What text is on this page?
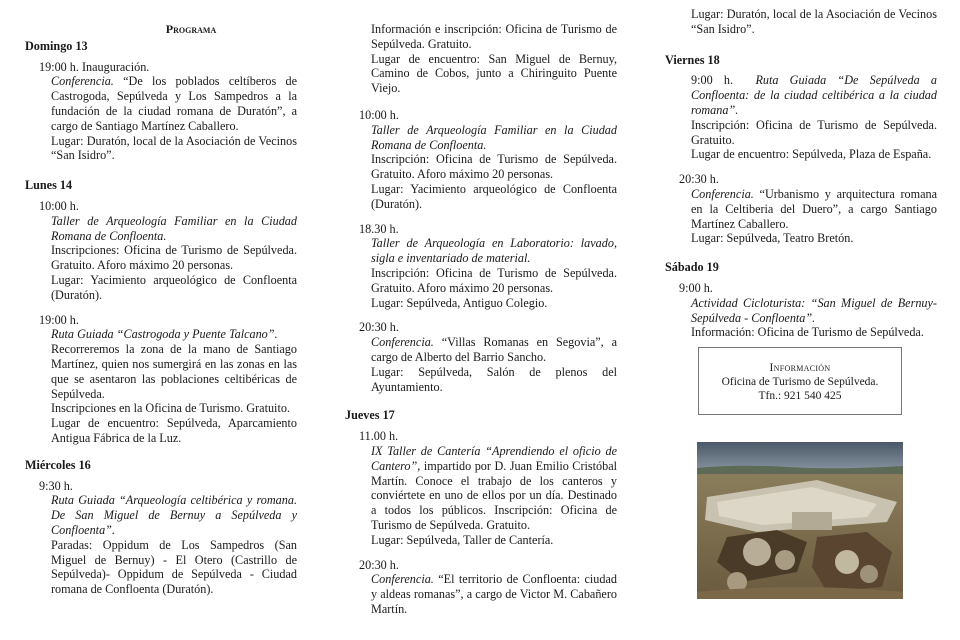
Programa
Domingo 13
19:00 h. Inauguración.
Conferencia. “De los poblados celtíberos de Castrogoda, Sepúlveda y Los Sampedros a la fundación de la ciudad romana de Duratón”, a cargo de Santiago Martínez Caballero.
Lugar: Duratón, local de la Asociación de Vecinos “San Isidro”.
Lunes 14
10:00 h.
Taller de Arqueología Familiar en la Ciudad Romana de Confloenta.
Inscripciones: Oficina de Turismo de Sepúlveda. Gratuito. Aforo máximo 20 personas.
Lugar: Yacimiento arqueológico de Confloenta (Duratón).
19:00 h.
Ruta Guiada “Castrogoda y Puente Talcano”.
Recorreremos la zona de la mano de Santiago Martínez, quien nos sumergirá en las zonas en las que se asentaron las poblaciones celtibéricas de Sepúlveda.
Inscripciones en la Oficina de Turismo. Gratuito.
Lugar de encuentro: Sepúlveda, Aparcamiento Antigua Fábrica de la Luz.
Miércoles 16
9:30 h.
Ruta Guiada “Arqueología celtibérica y romana. De San Miguel de Bernuy a Sepúlveda y Confloenta”.
Paradas: Oppidum de Los Sampedros (San Miguel de Bernuy) - El Otero (Castrillo de Sepúlveda)- Oppidum de Sepúlveda - Ciudad romana de Confloenta (Duratón).
Información e inscripción: Oficina de Turismo de Sepúlveda. Gratuito.
Lugar de encuentro: San Miguel de Bernuy, Camino de Cobos, junto a Chiringuito Puente Viejo.
10:00 h.
Taller de Arqueología Familiar en la Ciudad Romana de Confloenta.
Inscripción: Oficina de Turismo de Sepúlveda. Gratuito. Aforo máximo 20 personas.
Lugar: Yacimiento arqueológico de Confloenta (Duratón).
18.30 h.
Taller de Arqueología en Laboratorio: lavado, sigla e inventariado de material.
Inscripción: Oficina de Turismo de Sepúlveda. Gratuito. Aforo máximo 20 personas.
Lugar: Sepúlveda, Antiguo Colegio.
20:30 h.
Conferencia. “Villas Romanas en Segovia”, a cargo de Alberto del Barrio Sancho.
Lugar: Sepúlveda, Salón de plenos del Ayuntamiento.
Jueves 17
11.00 h.
IX Taller de Cantería “Aprendiendo el oficio de Cantero”, impartido por D. Juan Emilio Cristóbal Martín. Conoce el trabajo de los canteros y conviértete en uno de ellos por un día. Destinado a todos los públicos. Inscripción: Oficina de Turismo de Sepúlveda. Gratuito.
Lugar: Sepúlveda, Taller de Cantería.
20:30 h.
Conferencia. “El territorio de Confloenta: ciudad y aldeas romanas”, a cargo de Victor M. Cabañero Martín.
Lugar: Duratón, local de la Asociación de Vecinos “San Isidro”.
Viernes 18
9:00 h. Ruta Guiada “De Sepúlveda a Confloenta: de la ciudad celtibérica a la ciudad romana”.
Inscripción: Oficina de Turismo de Sepúlveda. Gratuito.
Lugar de encuentro: Sepúlveda, Plaza de España.
20:30 h.
Conferencia. “Urbanismo y arquitectura romana en la Celtiberia del Duero”, a cargo Santiago Martínez Caballero.
Lugar: Sepúlveda, Teatro Bretón.
Sábado 19
9:00 h.
Actividad Cicloturista: “San Miguel de Bernuy-Sepúlveda - Confloenta”.
Información: Oficina de Turismo de Sepúlveda.
Información
Oficina de Turismo de Sepúlveda.
Tfn.: 921 540 425
